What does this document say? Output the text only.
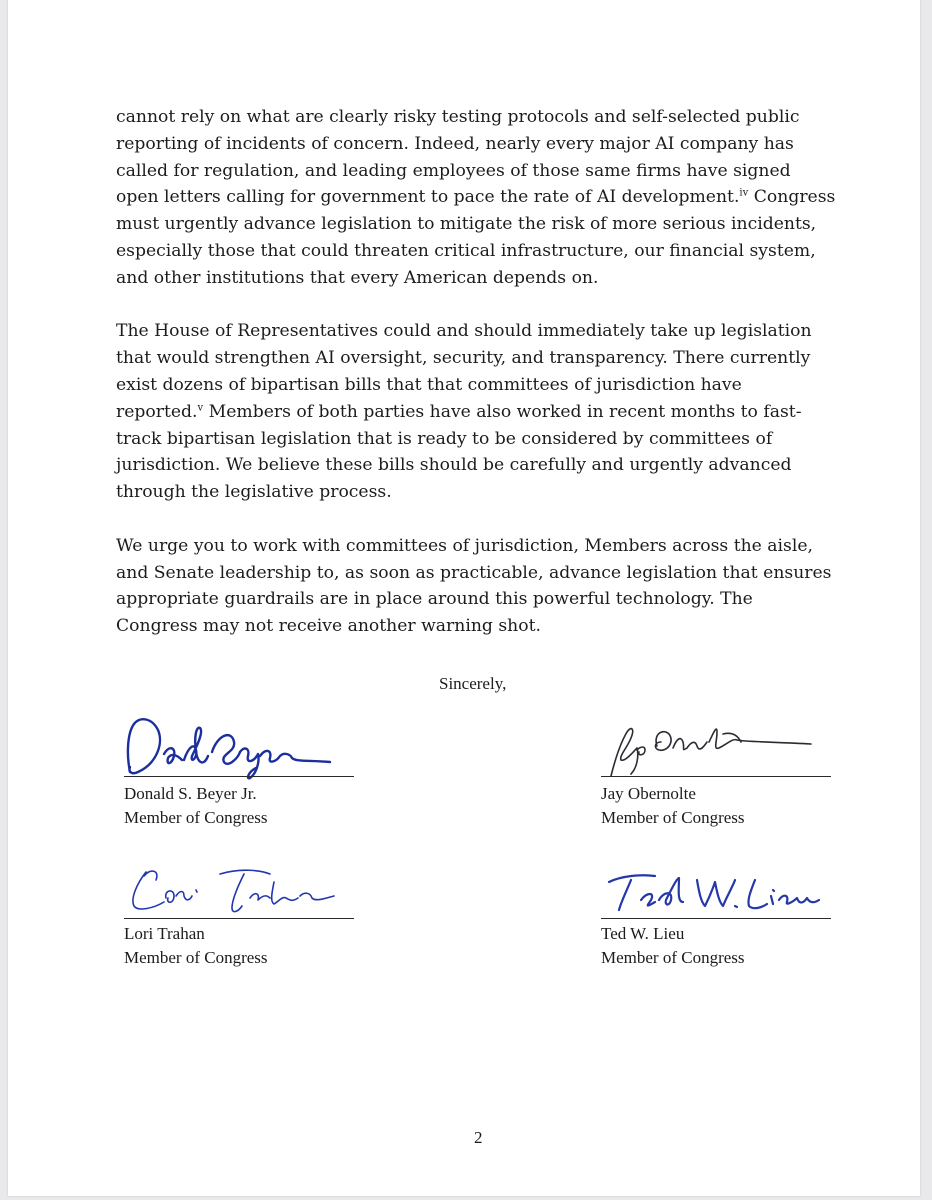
cannot rely on what are clearly risky testing protocols and self-selected public
reporting of incidents of concern. Indeed, nearly every major AI company has
called for regulation, and leading employees of those same firms have signed
open letters calling for government to pace the rate of AI development.$^{iv}$ Congress
must urgently advance legislation to mitigate the risk of more serious incidents,
especially those that could threaten critical infrastructure, our financial system,
and other institutions that every American depends on.

The House of Representatives could and should immediately take up legislation
that would strengthen AI oversight, security, and transparency. There currently
exist dozens of bipartisan bills that that committees of jurisdiction have
reported.$^v$ Members of both parties have also worked in recent months to fast-
track bipartisan legislation that is ready to be considered by committees of
jurisdiction. We believe these bills should be carefully and urgently advanced
through the legislative process.

We urge you to work with committees of jurisdiction, Members across the aisle,
and Senate leadership to, as soon as practicable, advance legislation that ensures
appropriate guardrails are in place around this powerful technology. The
Congress may not receive another warning shot.

Sincerely,
Donald S. Beyer Jr.
Member of Congress
Jay Obernolte
Member of Congress
Lori Trahan
Member of Congress
Ted W. Lieu
Member of Congress
2
